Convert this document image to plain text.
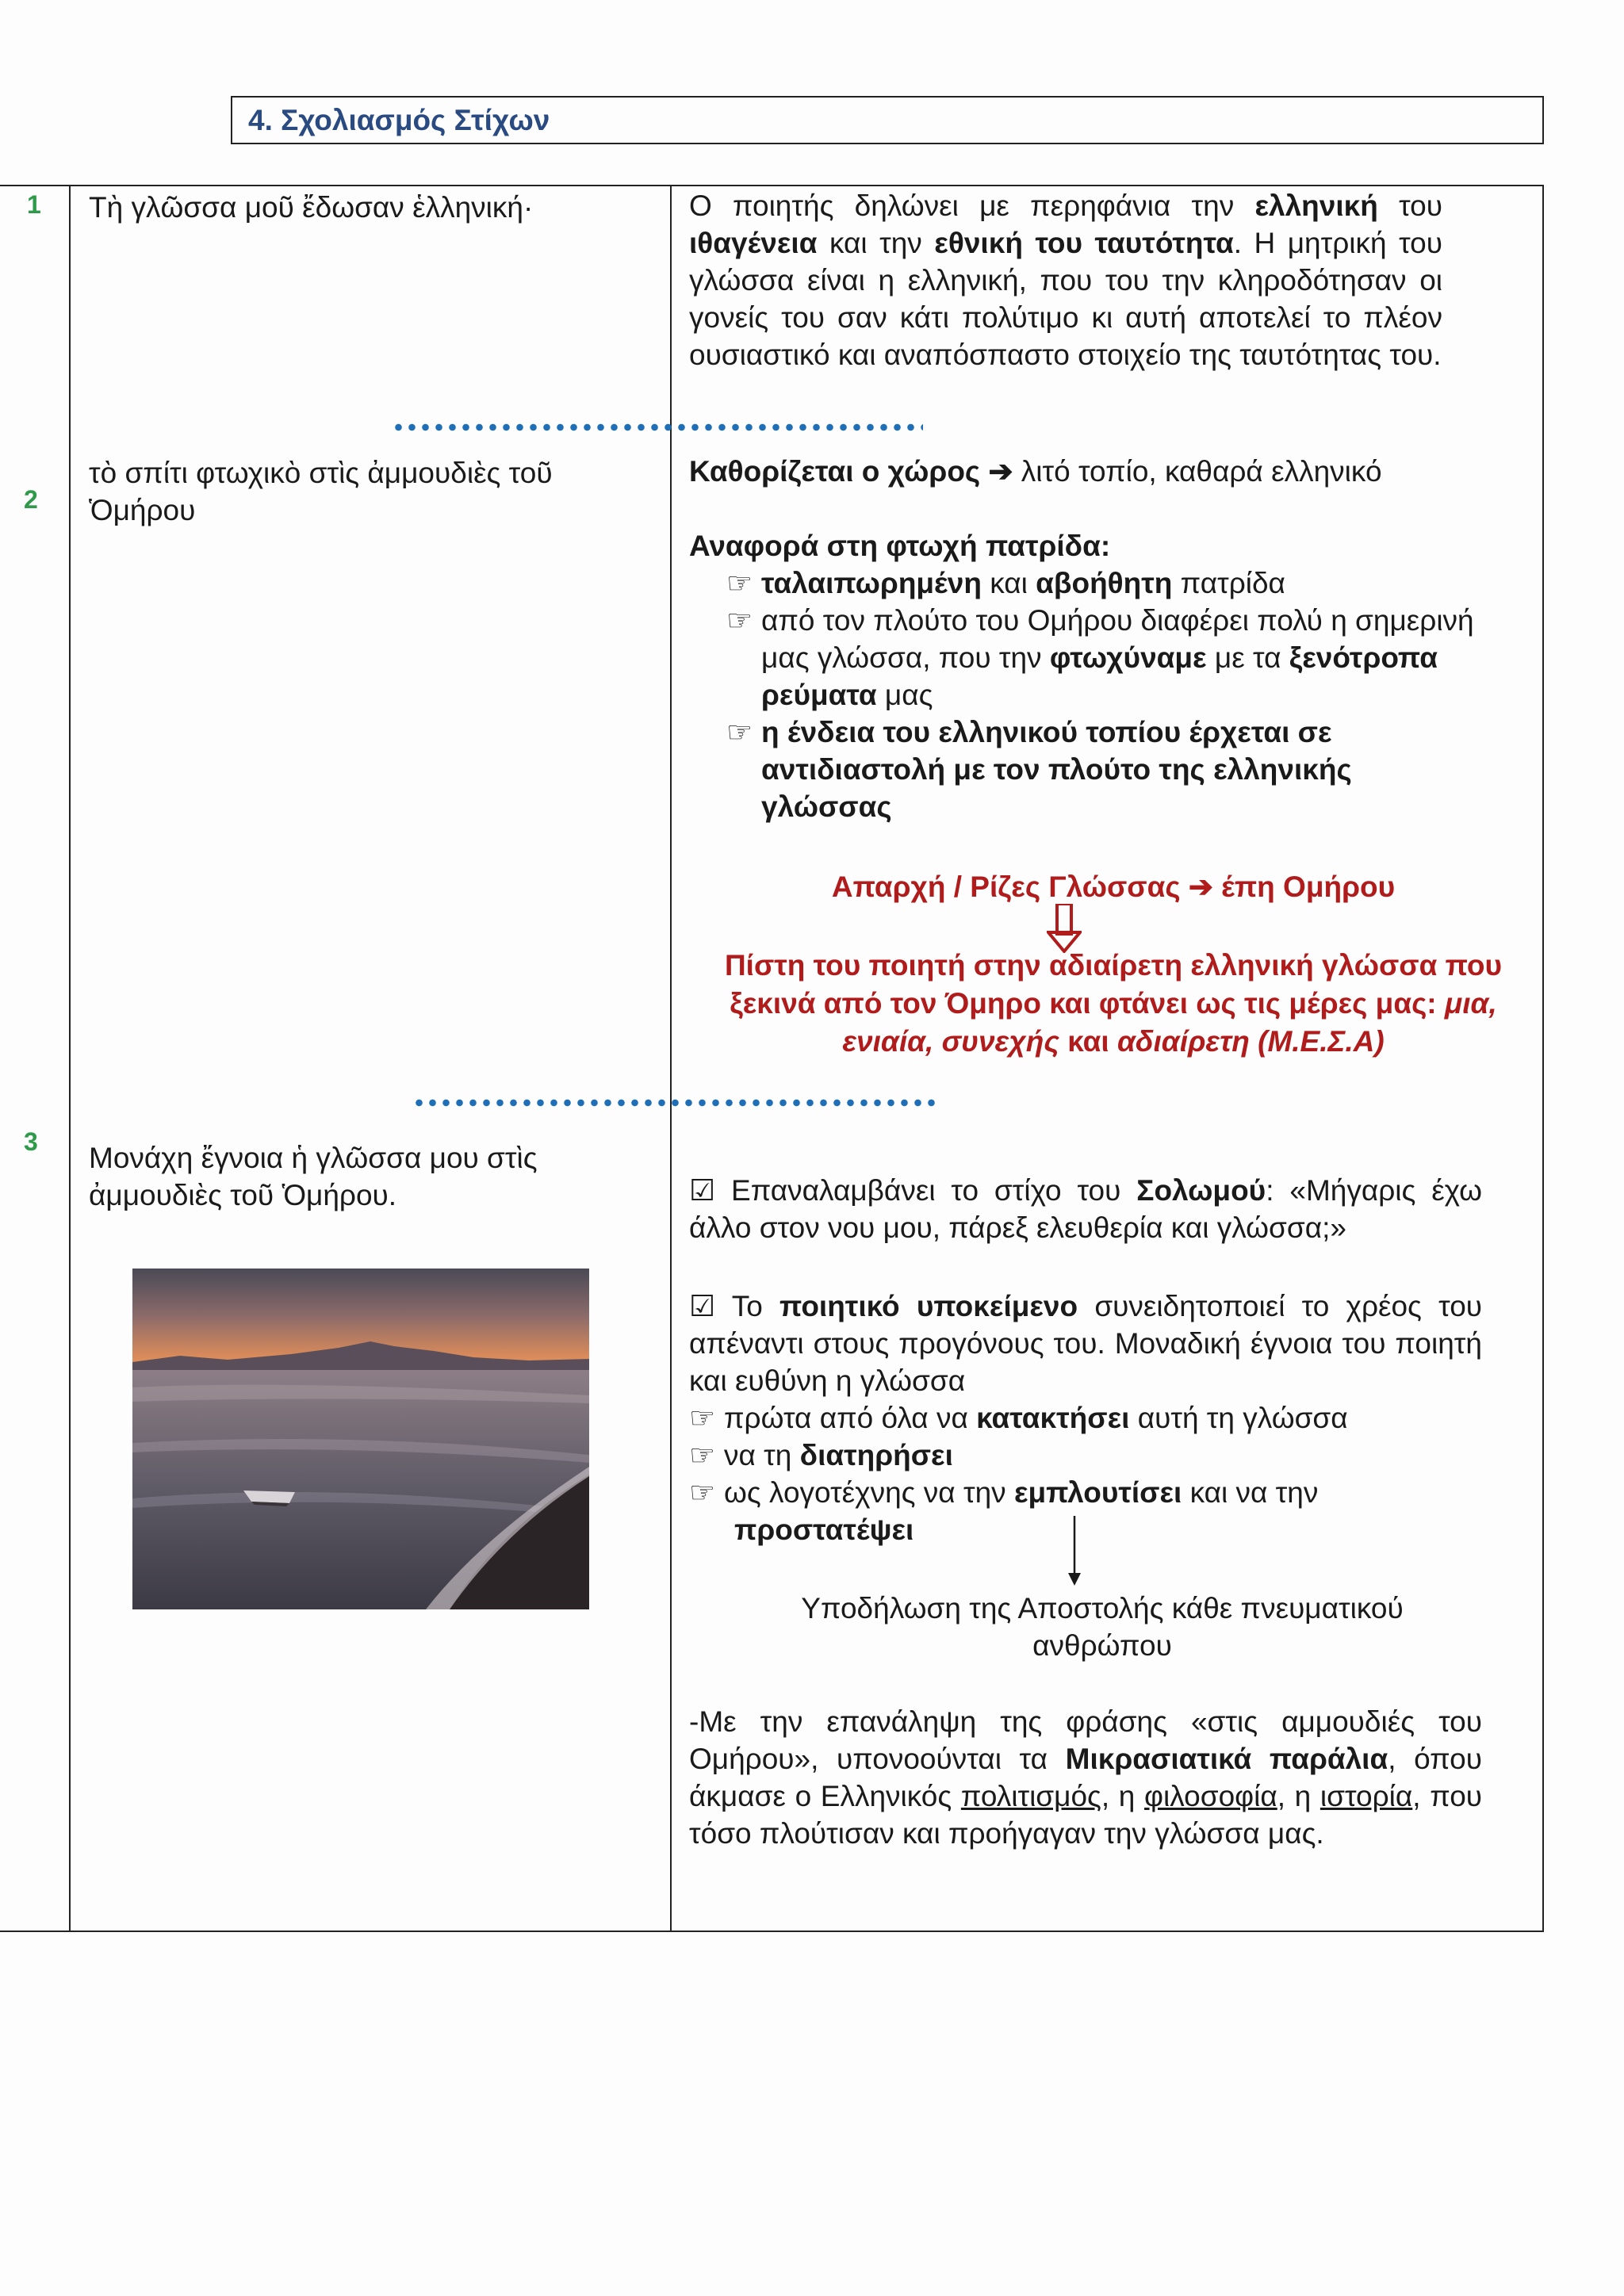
4. Σχολιασμός Στίχων
1
2
3
Τὴ γλῶσσα μοῦ ἔδωσαν ἑλληνική·
τὸ σπίτι φτωχικὸ στὶς ἀμμουδιὲς τοῦ Ὁμήρου
Μονάχη ἔγνοια ἡ γλῶσσα μου στὶς ἀμμουδιὲς τοῦ Ὁμήρου.
Ο ποιητής δηλώνει με περηφάνια την ελληνική του ιθαγένεια και την εθνική του ταυτότητα. Η μητρική του γλώσσα είναι η ελληνική, που του την κληροδότησαν οι γονείς του σαν κάτι πολύτιμο κι αυτή αποτελεί το πλέον ουσιαστικό και αναπόσπαστο στοιχείο της ταυτότητας του.
Καθορίζεται ο χώρος ➔ λιτό τοπίο, καθαρά ελληνικό
Αναφορά στη φτωχή πατρίδα:
☞ ταλαιπωρημένη και αβοήθητη πατρίδα
☞ από τον πλούτο του Ομήρου διαφέρει πολύ η σημερινή μας γλώσσα, που την φτωχύναμε με τα ξενότροπα ρεύματα μας
☞ η ένδεια του ελληνικού τοπίου έρχεται σε αντιδιαστολή με τον πλούτο της ελληνικής γλώσσας
Απαρχή / Ρίζες Γλώσσας ➔ έπη Ομήρου
Πίστη του ποιητή στην αδιαίρετη ελληνική γλώσσα που ξεκινά από τον Όμηρο και φτάνει ως τις μέρες μας: μια, ενιαία, συνεχής και αδιαίρετη (Μ.Ε.Σ.Α)
☑ Επαναλαμβάνει το στίχο του Σολωμού: «Μήγαρις έχω άλλο στον νου μου, πάρεξ ελευθερία και γλώσσα;»
☑ Το ποιητικό υποκείμενο συνειδητοποιεί το χρέος του απέναντι στους προγόνους του. Μοναδική έγνοια του ποιητή και ευθύνη η γλώσσα
☞ πρώτα από όλα να κατακτήσει αυτή τη γλώσσα
☞ να τη διατηρήσει
☞ ως λογοτέχνης να την εμπλουτίσει και να την
προστατέψει
Υποδήλωση της Αποστολής κάθε πνευματικού ανθρώπου
-Με την επανάληψη της φράσης «στις αμμουδιές του Ομήρου», υπονοούνται τα Μικρασιατικά παράλια, όπου άκμασε ο Ελληνικός πολιτισμός, η φιλοσοφία, η ιστορία, που τόσο πλούτισαν και προήγαγαν την γλώσσα μας.
